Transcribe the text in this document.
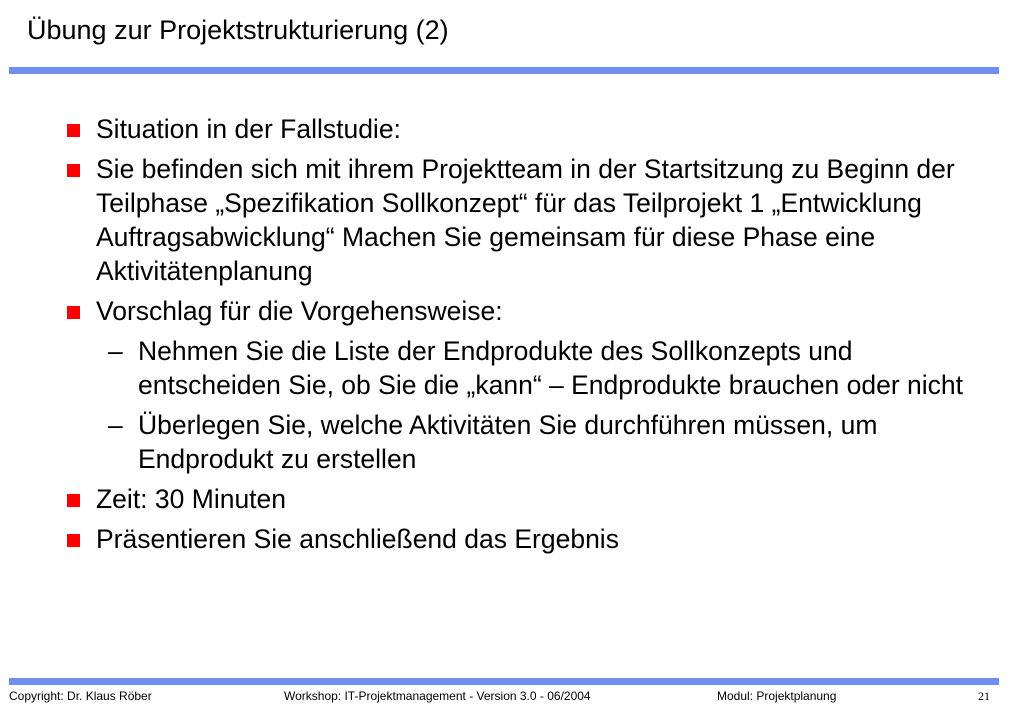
Übung zur Projektstrukturierung (2)
Situation in der Fallstudie:
Sie befinden sich mit ihrem Projektteam in der Startsitzung zu Beginn der Teilphase „Spezifikation Sollkonzept“ für das Teilprojekt 1 „Entwicklung Auftragsabwicklung“ Machen Sie gemeinsam für diese Phase eine Aktivitätenplanung
Vorschlag für die Vorgehensweise:
– Nehmen Sie die Liste der Endprodukte des Sollkonzepts und entscheiden Sie, ob Sie die „kann“ – Endprodukte brauchen oder nicht
– Überlegen Sie, welche Aktivitäten Sie durchführen müssen, um Endprodukt zu erstellen
Zeit: 30 Minuten
Präsentieren Sie anschließend das Ergebnis
Copyright: Dr. Klaus Röber	Workshop: IT-Projektmanagement - Version 3.0 - 06/2004	Modul: Projektplanung	21
